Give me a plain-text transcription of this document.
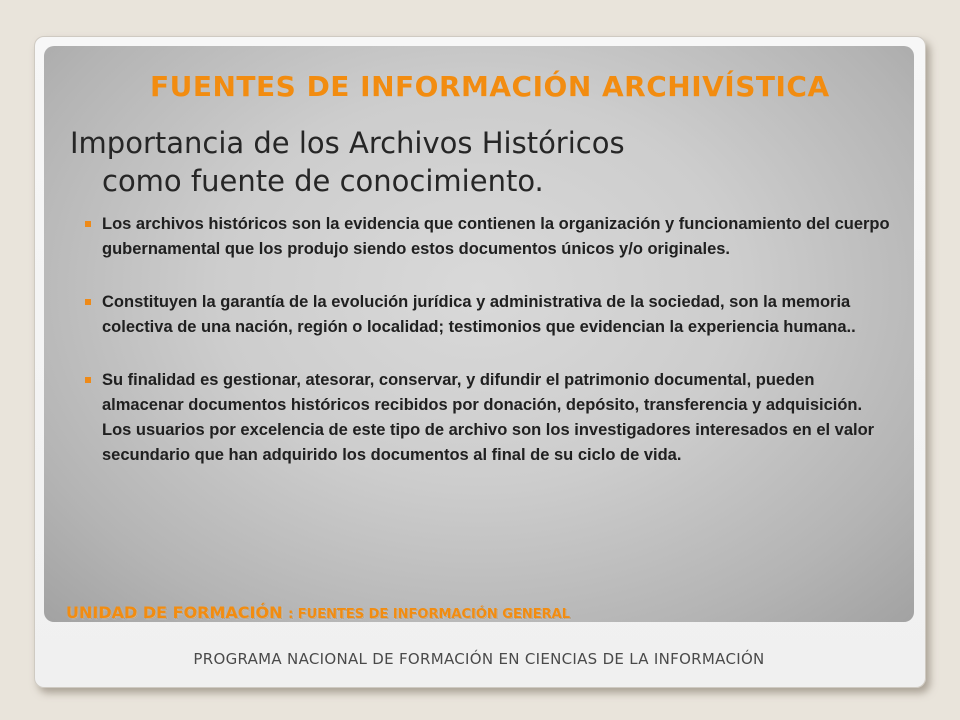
FUENTES DE INFORMACIÓN ARCHIVÍSTICA
Importancia de los Archivos Históricos
como fuente de conocimiento.
Los archivos históricos son la evidencia que contienen la organización y funcionamiento del cuerpo gubernamental que los produjo siendo estos documentos únicos y/o originales.
Constituyen la garantía de la evolución jurídica y administrativa de la sociedad, son la memoria colectiva de una nación, región o localidad; testimonios que evidencian la experiencia humana..
Su finalidad es gestionar, atesorar, conservar, y difundir el patrimonio documental, pueden almacenar documentos históricos recibidos por donación, depósito, transferencia y adquisición. Los usuarios por excelencia de este tipo de archivo son los investigadores interesados en el valor secundario que han adquirido los documentos al final de su ciclo de vida.

UNIDAD DE FORMACIÓN : FUENTES DE INFORMACIÓN GENERAL

PROGRAMA NACIONAL DE FORMACIÓN EN CIENCIAS DE LA INFORMACIÓN
